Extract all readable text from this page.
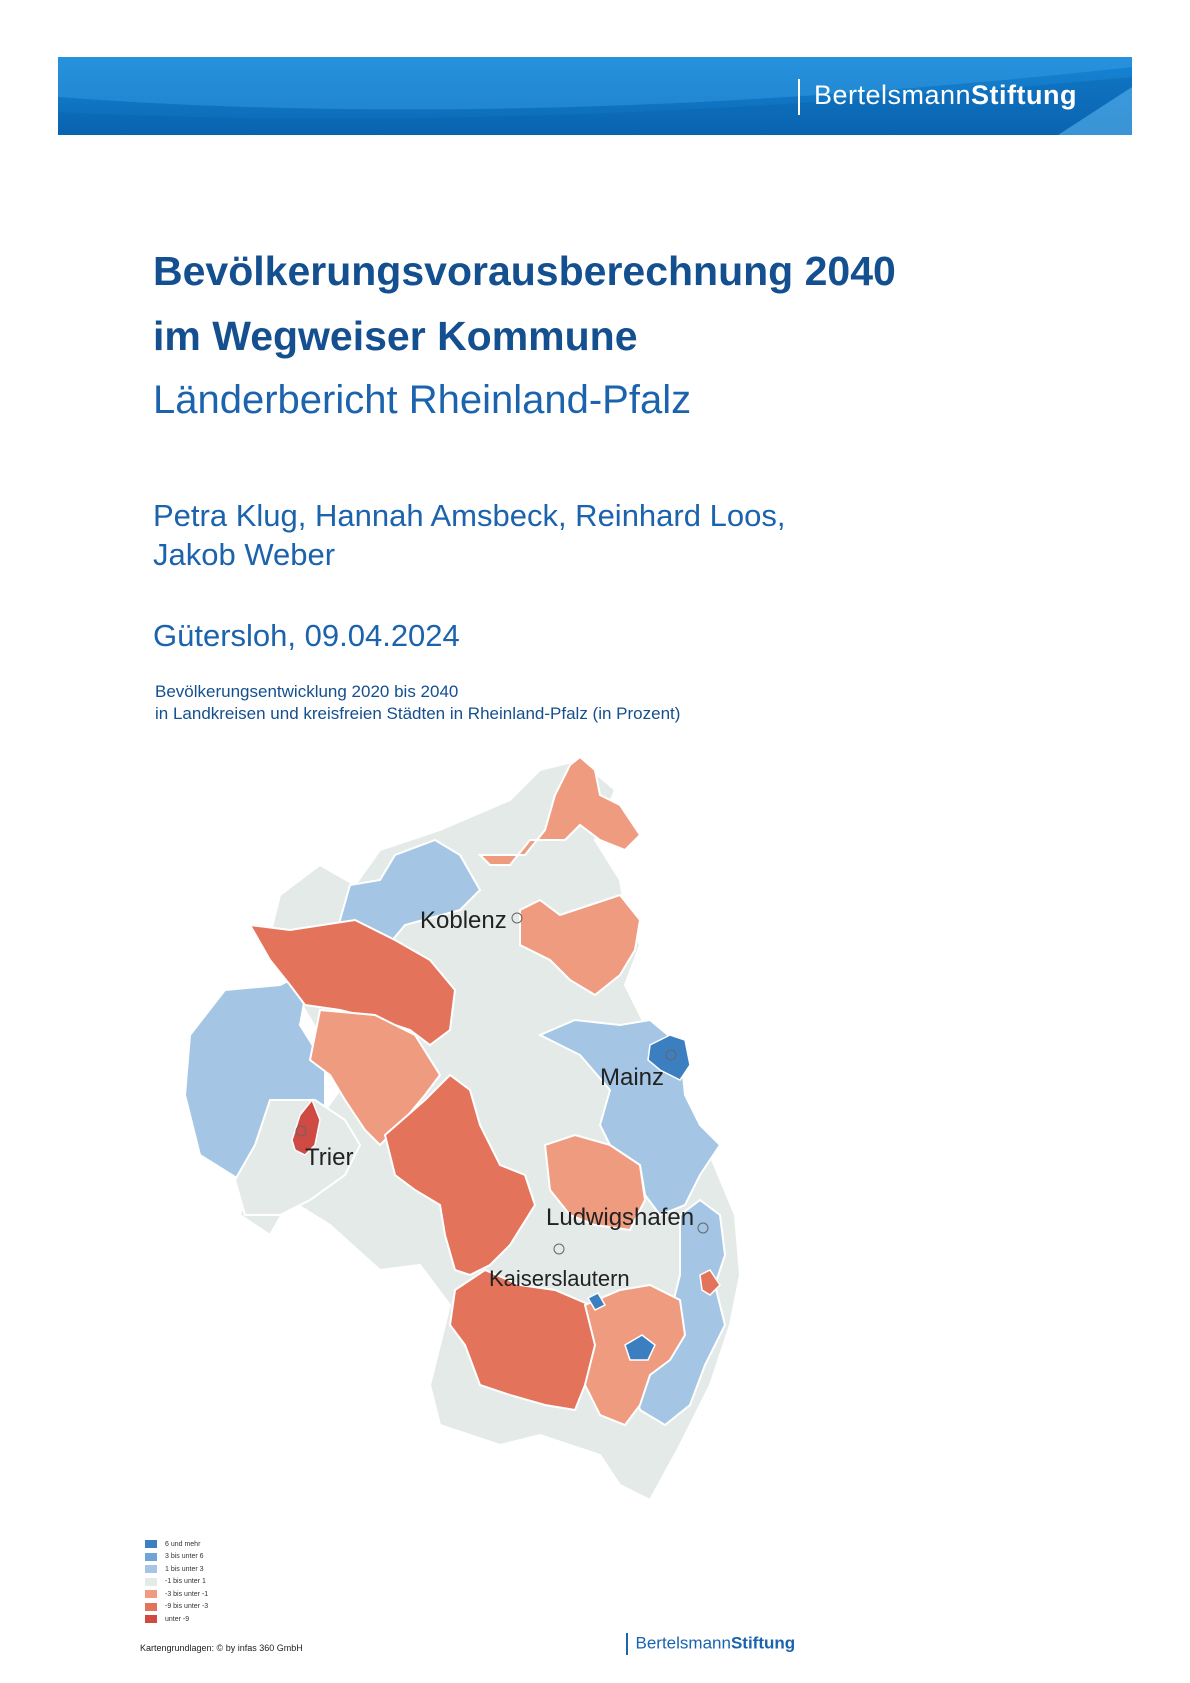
BertelsmannStiftung
Bevölkerungsvorausberechnung 2040
im Wegweiser Kommune
Länderbericht Rheinland-Pfalz
Petra Klug, Hannah Amsbeck, Reinhard Loos,
Jakob Weber
Gütersloh, 09.04.2024
Bevölkerungsentwicklung 2020 bis 2040
in Landkreisen und kreisfreien Städten in Rheinland-Pfalz (in Prozent)
Koblenz
Mainz
Trier
Ludwigshafen
Kaiserslautern
6 und mehr
3 bis unter 6
1 bis unter 3
-1 bis unter 1
-3 bis unter -1
-9 bis unter -3
unter -9
Kartengrundlagen: © by infas 360 GmbH	BertelsmannStiftung
